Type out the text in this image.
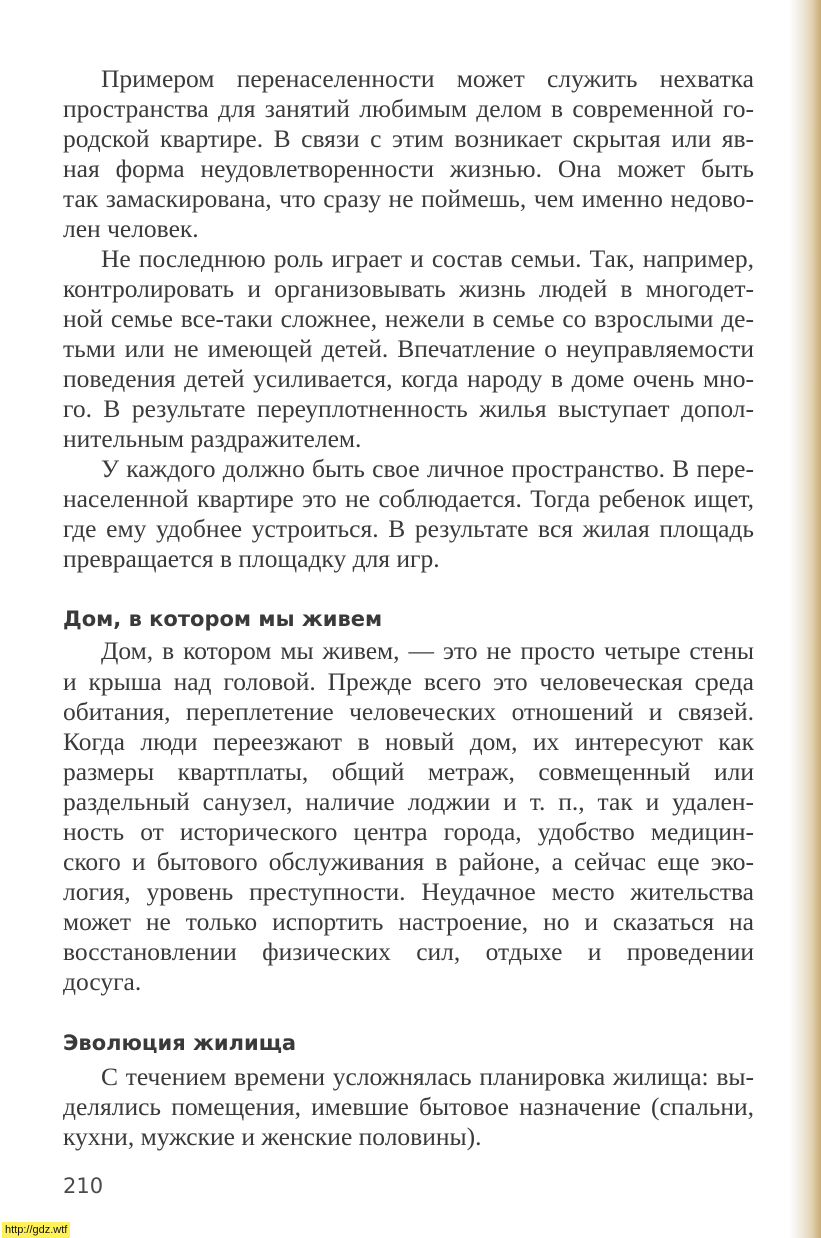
Примером перенаселенности может служить нехватка
пространства для занятий любимым делом в современной го-
родской квартире. В связи с этим возникает скрытая или яв-
ная форма неудовлетворенности жизнью. Она может быть
так замаскирована, что сразу не поймешь, чем именно недово-
лен человек.
Не последнюю роль играет и состав семьи. Так, например,
контролировать и организовывать жизнь людей в многодет-
ной семье все-таки сложнее, нежели в семье со взрослыми де-
тьми или не имеющей детей. Впечатление о неуправляемости
поведения детей усиливается, когда народу в доме очень мно-
го. В результате переуплотненность жилья выступает допол-
нительным раздражителем.
У каждого должно быть свое личное пространство. В пере-
населенной квартире это не соблюдается. Тогда ребенок ищет,
где ему удобнее устроиться. В результате вся жилая площадь
превращается в площадку для игр.
Дом, в котором мы живем
Дом, в котором мы живем, — это не просто четыре стены
и крыша над головой. Прежде всего это человеческая среда
обитания, переплетение человеческих отношений и связей.
Когда люди переезжают в новый дом, их интересуют как
размеры квартплаты, общий метраж, совмещенный или
раздельный санузел, наличие лоджии и т. п., так и удален-
ность от исторического центра города, удобство медицин-
ского и бытового обслуживания в районе, а сейчас еще эко-
логия, уровень преступности. Неудачное место жительства
может не только испортить настроение, но и сказаться на
восстановлении физических сил, отдыхе и проведении
досуга.
Эволюция жилища
С течением времени усложнялась планировка жилища: вы-
делялись помещения, имевшие бытовое назначение (спальни,
кухни, мужские и женские половины).
210
http://gdz.wtf
